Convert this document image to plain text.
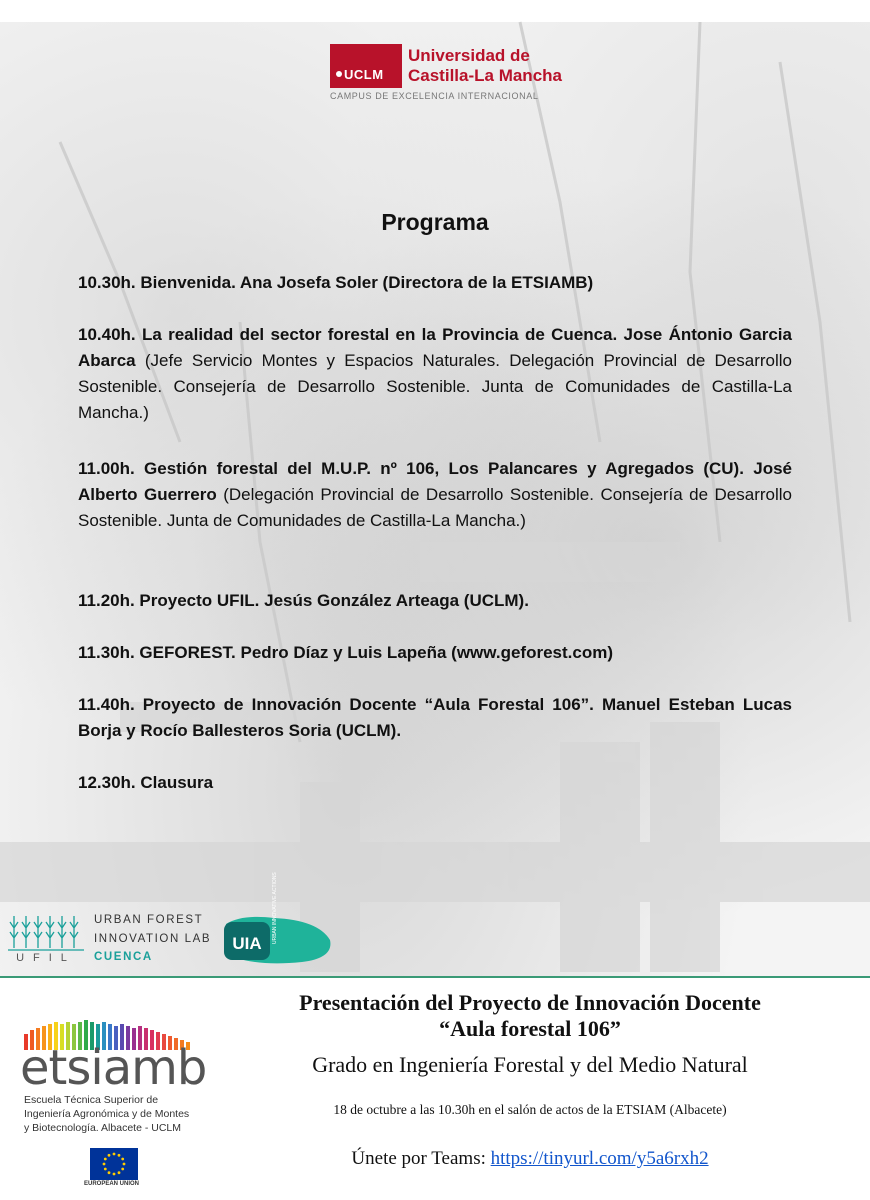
UCLM
Universidad de
Castilla-La Mancha
CAMPUS DE EXCELENCIA INTERNACIONAL
Programa
10.30h. Bienvenida. Ana Josefa Soler (Directora de la ETSIAMB)
10.40h. La realidad del sector forestal en la Provincia de Cuenca. Jose Ántonio Garcia Abarca (Jefe Servicio Montes y Espacios Naturales. Delegación Provincial de Desarrollo Sostenible. Consejería de Desarrollo Sostenible. Junta de Comunidades de Castilla-La Mancha.)
11.00h. Gestión forestal del M.U.P. nº 106, Los Palancares y Agregados (CU). José Alberto Guerrero (Delegación Provincial de Desarrollo Sostenible. Consejería de Desarrollo Sostenible. Junta de Comunidades de Castilla-La Mancha.)
11.20h. Proyecto UFIL. Jesús González Arteaga (UCLM).
11.30h. GEFOREST. Pedro Díaz y Luis Lapeña (www.geforest.com)
11.40h. Proyecto de Innovación Docente “Aula Forestal 106”. Manuel Esteban Lucas Borja y Rocío Ballesteros Soria (UCLM).
12.30h. Clausura
UFIL
URBAN FOREST
INNOVATION LAB
CUENCA
UIA URBAN INNOVATIVE ACTIONS
etsiamb
Escuela Técnica Superior de
Ingeniería Agronómica y de Montes
y Biotecnología. Albacete - UCLM
EUROPEAN UNION
Presentación del Proyecto de Innovación Docente
“Aula forestal 106”
Grado en Ingeniería Forestal y del Medio Natural
18 de octubre a las 10.30h en el salón de actos de la ETSIAM (Albacete)
Únete por Teams: https://tinyurl.com/y5a6rxh2
